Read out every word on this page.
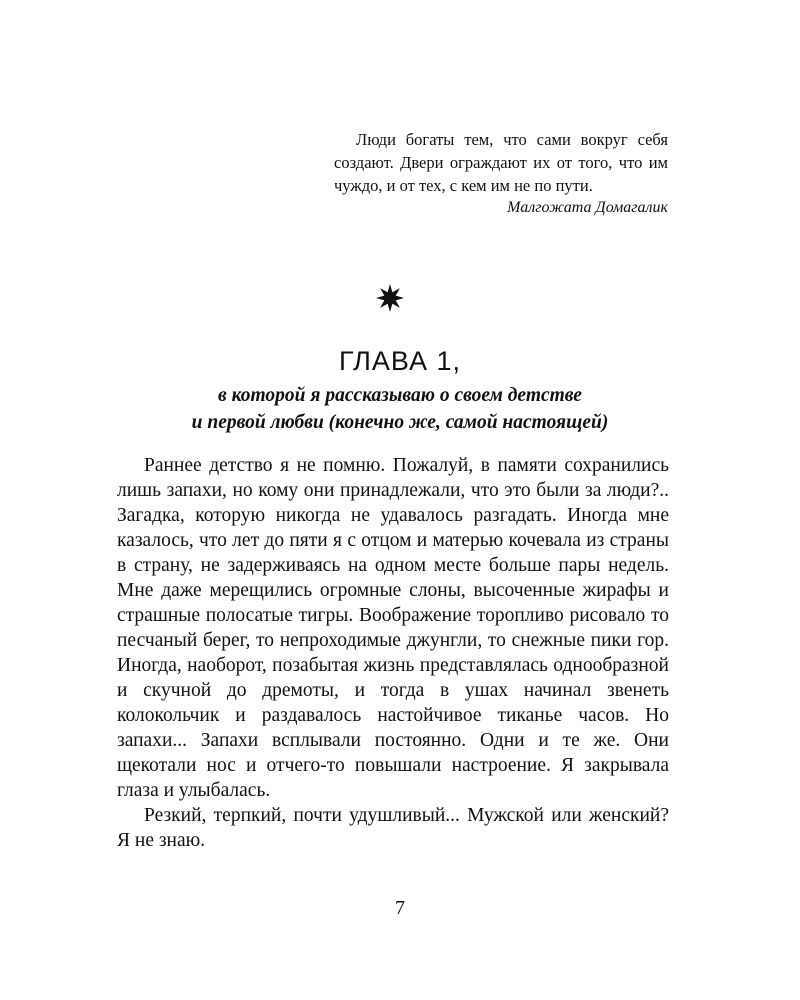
Люди богаты тем, что сами вокруг себя создают. Двери ограждают их от того, что им чуждо, и от тех, с кем им не по пути.

Малгожата Домагалик

ГЛАВА 1,
в которой я рассказываю о своем детстве
и первой любви (конечно же, самой настоящей)

Раннее детство я не помню. Пожалуй, в памяти сохранились лишь запахи, но кому они принадлежали, что это были за люди?.. Загадка, которую никогда не удавалось разгадать. Иногда мне казалось, что лет до пяти я с отцом и матерью кочевала из страны в страну, не задерживаясь на одном месте больше пары недель. Мне даже мерещились огромные слоны, высоченные жирафы и страшные полосатые тигры. Воображение торопливо рисовало то песчаный берег, то непроходимые джунгли, то снежные пики гор. Иногда, наоборот, позабытая жизнь представлялась однообразной и скучной до дремоты, и тогда в ушах начинал звенеть колокольчик и раздавалось настойчивое тиканье часов. Но запахи... Запахи всплывали постоянно. Одни и те же. Они щекотали нос и отчего-то повышали настроение. Я закрывала глаза и улыбалась.

Резкий, терпкий, почти удушливый... Мужской или женский? Я не знаю.

7
